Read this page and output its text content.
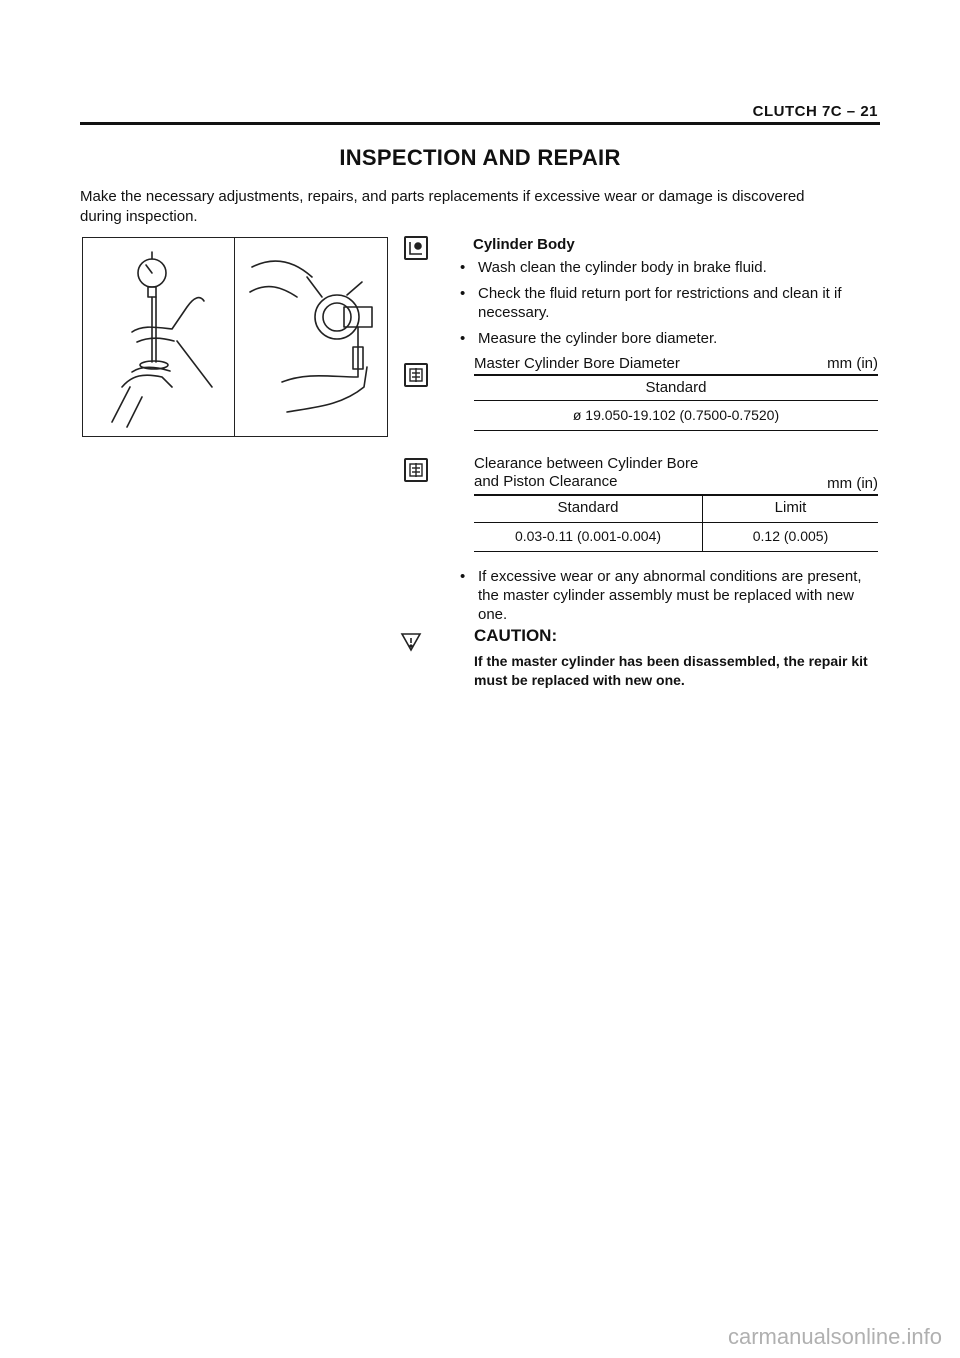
CLUTCH 7C – 21
INSPECTION AND REPAIR
Make the necessary adjustments, repairs, and parts replacements if excessive wear or damage is discovered during inspection.
Cylinder Body
• Wash clean the cylinder body in brake fluid.
• Check the fluid return port for restrictions and clean it if necessary.
• Measure the cylinder bore diameter.
Master Cylinder Bore Diameter	mm (in)
Standard
ø 19.050-19.102 (0.7500-0.7520)
Clearance between Cylinder Bore
and Piston Clearance	mm (in)
Standard	Limit
0.03-0.11 (0.001-0.004)	0.12 (0.005)
• If excessive wear or any abnormal conditions are present, the master cylinder assembly must be replaced with new one.
CAUTION:
If the master cylinder has been disassembled, the repair kit must be replaced with new one.
carmanualsonline.info
